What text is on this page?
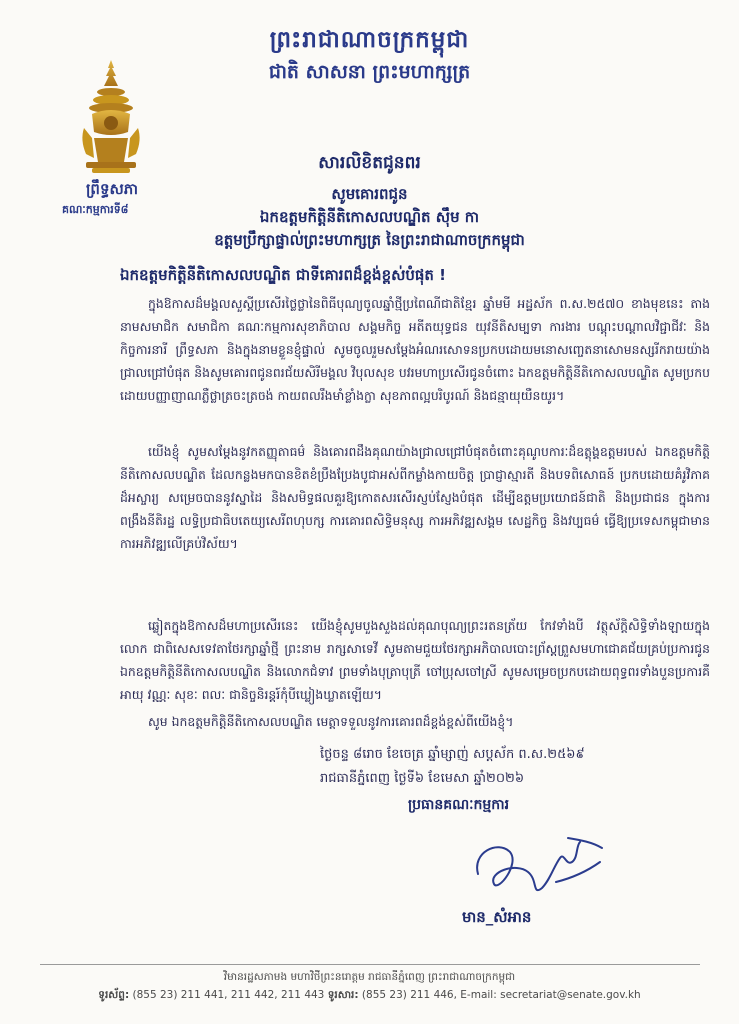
ព្រះរាជាណាចក្រកម្ពុជា
ជាតិ សាសនា ព្រះមហាក្សត្រ
ព្រឹទ្ធសភា
គណៈកម្មការទី៨
សារលិខិតជូនពរ
សូមគោរពជូន
ឯកឧត្តមកិត្តិនីតិកោសលបណ្ឌិត ស៊ឹម កា
ឧត្តមប្រឹក្សាផ្ទាល់ព្រះមហាក្សត្រ នៃព្រះរាជាណាចក្រកម្ពុជា
ឯកឧត្តមកិត្តិនីតិកោសលបណ្ឌិត ជាទីគោរពដ៏ខ្ពង់ខ្ពស់បំផុត !
ក្នុងឱកាសដ៏មង្គលសួស្តីប្រសើរថ្លៃថ្លានៃពិធីបុណ្យចូលឆ្នាំថ្មីប្រពៃណីជាតិខ្មែរ ឆ្នាំមមី អដ្ឋស័ក ព.ស.២៥៧០ ខាងមុខនេះ តាងនាមសមាជិក សមាជិកា គណៈកម្មការសុខាភិបាល សង្គមកិច្ច អតីតយុទ្ធជន យុវនីតិសម្បទា ការងារ បណ្តុះបណ្តាលវិជ្ជាជីវៈ និងកិច្ចការនារី ព្រឹទ្ធសភា និងក្នុងនាមខ្លួនខ្ញុំផ្ទាល់ សូមចូលរួមសម្តែងអំណរសោទនប្រកបដោយមនោសញ្ចេតនាសោមនស្សរីករាយយ៉ាងជ្រាលជ្រៅបំផុត និងសូមគោរពជូនពរជ័យសិរីមង្គល វិបុលសុខ បវរមហាប្រសើរជូនចំពោះ ឯកឧត្តមកិត្តិនីតិកោសលបណ្ឌិត សូមប្រកបដោយបញ្ញាញាណភ្លឺថ្លាត្រចះត្រចង់ កាយពលរឹងមាំខ្លាំងក្លា សុខភាពល្អបរិបូរណ៍ និងជន្មាយុយឺនយូរ។
យើងខ្ញុំ សូមសម្តែងនូវកតញ្ញុតាធម៌ និងគោរពដឹងគុណយ៉ាងជ្រាលជ្រៅបំផុតចំពោះគុណូបការៈដ៏ឧត្តុង្គឧត្តមរបស់ ឯកឧត្តមកិត្តិនីតិកោសលបណ្ឌិត ដែលកន្លងមកបានខិតខំប្រឹងប្រែងបូជាអស់ពីកម្លាំងកាយចិត្ត ប្រាជ្ញាស្មារតី និងបទពិសោធន៍ ប្រកបដោយគំរូវិភាគដ៏អស្ចារ្យ សម្រេចបាននូវស្នាដៃ និងសមិទ្ធផលគួរឱ្យកោតសរសើរស្ញប់ស្ញែងបំផុត ដើម្បីឧត្តមប្រយោជន៍ជាតិ និងប្រជាជន ក្នុងការពង្រឹងនីតិរដ្ឋ លទ្ធិប្រជាធិបតេយ្យសេរីពហុបក្ស ការគោរពសិទ្ធិមនុស្ស ការអភិវឌ្ឍសង្គម សេដ្ឋកិច្ច និងវប្បធម៌ ធ្វើឱ្យប្រទេសកម្ពុជាមានការអភិវឌ្ឍលើគ្រប់វិស័យ។
ឆ្លៀតក្នុងឱកាសដ៏មហាប្រសើរនេះ យើងខ្ញុំសូមបួងសួងដល់គុណបុណ្យព្រះរតនត្រ័យ កែវទាំងបី វត្ថុស័ក្តិសិទ្ធិទាំងឡាយក្នុងលោក ជាពិសេសទេវតាថែរក្សាឆ្នាំថ្មី ព្រះនាម រាក្សសាទេវី សូមតាមជួយថែរក្សាអភិបាលបោះព្រ័ស្តព្រួសមហាជោគជ័យគ្រប់ប្រការជូន ឯកឧត្តមកិត្តិនីតិកោសលបណ្ឌិត និងលោកជំទាវ ព្រមទាំងបុត្រាបុត្រី ចៅប្រុសចៅស្រី សូមសម្រេចប្រកបដោយពុទ្ធពរទាំងបួនប្រការគឺ អាយុ វណ្ណៈ សុខៈ ពលៈ ជានិច្ចនិរន្តរ៍កុំបីឃ្លៀងឃ្លាតឡើយ។
សូម ឯកឧត្តមកិត្តិនីតិកោសលបណ្ឌិត មេត្តាទទួលនូវការគោរពដ៏ខ្ពង់ខ្ពស់ពីយើងខ្ញុំ។
ថ្ងៃចន្ទ ៨រោច ខែចេត្រ ឆ្នាំម្សាញ់ សប្តស័ក ព.ស.២៥៦៩
រាជធានីភ្នំពេញ ថ្ងៃទី៦ ខែមេសា ឆ្នាំ២០២៦
ប្រធានគណៈកម្មការ
មាន_សំអាន
វិមានរដ្ឋសភាមង មហាវិថីព្រះនរោត្តម រាជធានីភ្នំពេញ ព្រះរាជាណាចក្រកម្ពុជា
ទូរស័ព្ទ: (855 23) 211 441, 211 442, 211 443 ទូរសារ: (855 23) 211 446, E-mail: secretariat@senate.gov.kh
